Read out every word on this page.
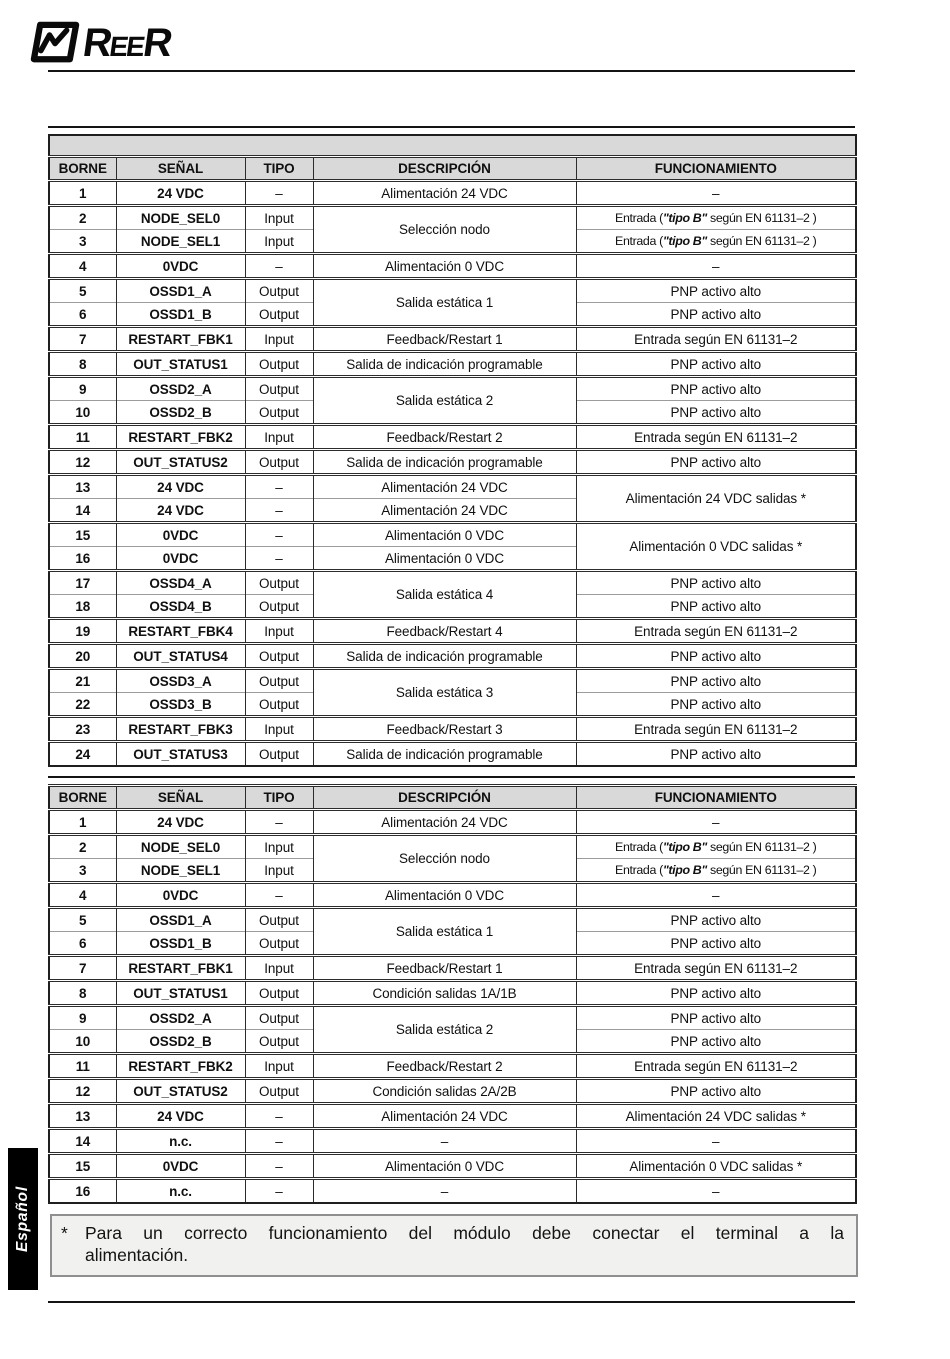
REER

BORNE	SEÑAL	TIPO	DESCRIPCIÓN	FUNCIONAMIENTO
1	24 VDC	–	Alimentación 24 VDC	–
2	NODE_SEL0	Input	Selección nodo	Entrada ("tipo B" según EN 61131–2 )
3	NODE_SEL1	Input		Entrada ("tipo B" según EN 61131–2 )
4	0VDC	–	Alimentación 0 VDC	–
5	OSSD1_A	Output	Salida estática 1	PNP activo alto
6	OSSD1_B	Output		PNP activo alto
7	RESTART_FBK1	Input	Feedback/Restart 1	Entrada según EN 61131–2
8	OUT_STATUS1	Output	Salida de indicación programable	PNP activo alto
9	OSSD2_A	Output	Salida estática 2	PNP activo alto
10	OSSD2_B	Output		PNP activo alto
11	RESTART_FBK2	Input	Feedback/Restart 2	Entrada según EN 61131–2
12	OUT_STATUS2	Output	Salida de indicación programable	PNP activo alto
13	24 VDC	–	Alimentación 24 VDC	Alimentación 24 VDC salidas *
14	24 VDC	–	Alimentación 24 VDC	
15	0VDC	–	Alimentación 0 VDC	Alimentación 0 VDC salidas *
16	0VDC	–	Alimentación 0 VDC	
17	OSSD4_A	Output	Salida estática 4	PNP activo alto
18	OSSD4_B	Output		PNP activo alto
19	RESTART_FBK4	Input	Feedback/Restart 4	Entrada según EN 61131–2
20	OUT_STATUS4	Output	Salida de indicación programable	PNP activo alto
21	OSSD3_A	Output	Salida estática 3	PNP activo alto
22	OSSD3_B	Output		PNP activo alto
23	RESTART_FBK3	Input	Feedback/Restart 3	Entrada según EN 61131–2
24	OUT_STATUS3	Output	Salida de indicación programable	PNP activo alto
BORNE	SEÑAL	TIPO	DESCRIPCIÓN	FUNCIONAMIENTO
1	24 VDC	–	Alimentación 24 VDC	–
2	NODE_SEL0	Input	Selección nodo	Entrada ("tipo B" según EN 61131–2 )
3	NODE_SEL1	Input		Entrada ("tipo B" según EN 61131–2 )
4	0VDC	–	Alimentación 0 VDC	–
5	OSSD1_A	Output	Salida estática 1	PNP activo alto
6	OSSD1_B	Output		PNP activo alto
7	RESTART_FBK1	Input	Feedback/Restart 1	Entrada según EN 61131–2
8	OUT_STATUS1	Output	Condición salidas 1A/1B	PNP activo alto
9	OSSD2_A	Output	Salida estática 2	PNP activo alto
10	OSSD2_B	Output		PNP activo alto
11	RESTART_FBK2	Input	Feedback/Restart 2	Entrada según EN 61131–2
12	OUT_STATUS2	Output	Condición salidas 2A/2B	PNP activo alto
13	24 VDC	–	Alimentación 24 VDC	Alimentación 24 VDC salidas *
14	n.c.	–	–	–
15	0VDC	–	Alimentación 0 VDC	Alimentación 0 VDC salidas *
16	n.c.	–	–	–
Español	* Para un correcto funcionamiento del módulo debe conectar el terminal a la
alimentación.
